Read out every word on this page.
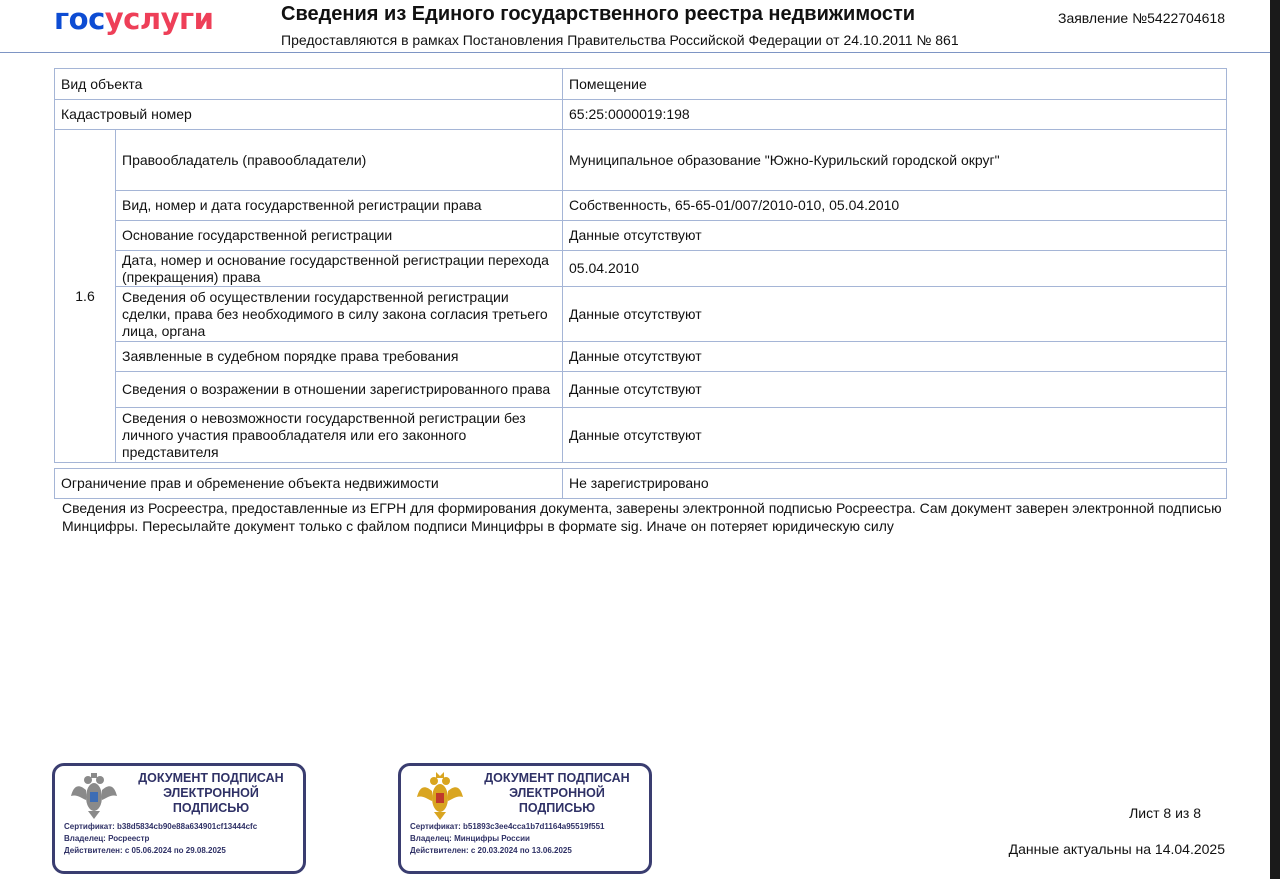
госуслуги	Сведения из Единого государственного реестра недвижимости
Предоставляются в рамках Постановления Правительства Российской Федерации от 24.10.2011 № 861
Заявление №5422704618
Вид объекта		Помещение
Кадастровый номер		65:25:0000019:198
1.6	Правообладатель (правообладатели)	Муниципальное образование "Южно-Курильский городской округ"
	Вид, номер и дата государственной регистрации права	Собственность, 65-65-01/007/2010-010, 05.04.2010
	Основание государственной регистрации	Данные отсутствуют
	Дата, номер и основание государственной регистрации перехода (прекращения) права	05.04.2010
	Сведения об осуществлении государственной регистрации сделки, права без необходимого в силу закона согласия третьего лица, органа	Данные отсутствуют
	Заявленные в судебном порядке права требования	Данные отсутствуют
	Сведения о возражении в отношении зарегистрированного права	Данные отсутствуют
	Сведения о невозможности государственной регистрации без личного участия правообладателя или его законного представителя	Данные отсутствуют
Ограничение прав и обременение объекта недвижимости	Не зарегистрировано
Сведения из Росреестра, предоставленные из ЕГРН для формирования документа, заверены электронной подписью Росреестра. Сам документ заверен электронной подписью Минцифры. Пересылайте документ только с файлом подписи Минцифры в формате sig. Иначе он потеряет юридическую силу
ДОКУМЕНТ ПОДПИСАН ЭЛЕКТРОННОЙ ПОДПИСЬЮ
Сертификат: b38d5834cb90e88a634901cf13444cfc
Владелец: Росреестр
Действителен: с 05.06.2024 по 29.08.2025
ДОКУМЕНТ ПОДПИСАН ЭЛЕКТРОННОЙ ПОДПИСЬЮ
Сертификат: b51893c3ee4cca1b7d1164a95519f551
Владелец: Минцифры России
Действителен: с 20.03.2024 по 13.06.2025
Лист 8 из 8
Данные актуальны на 14.04.2025
